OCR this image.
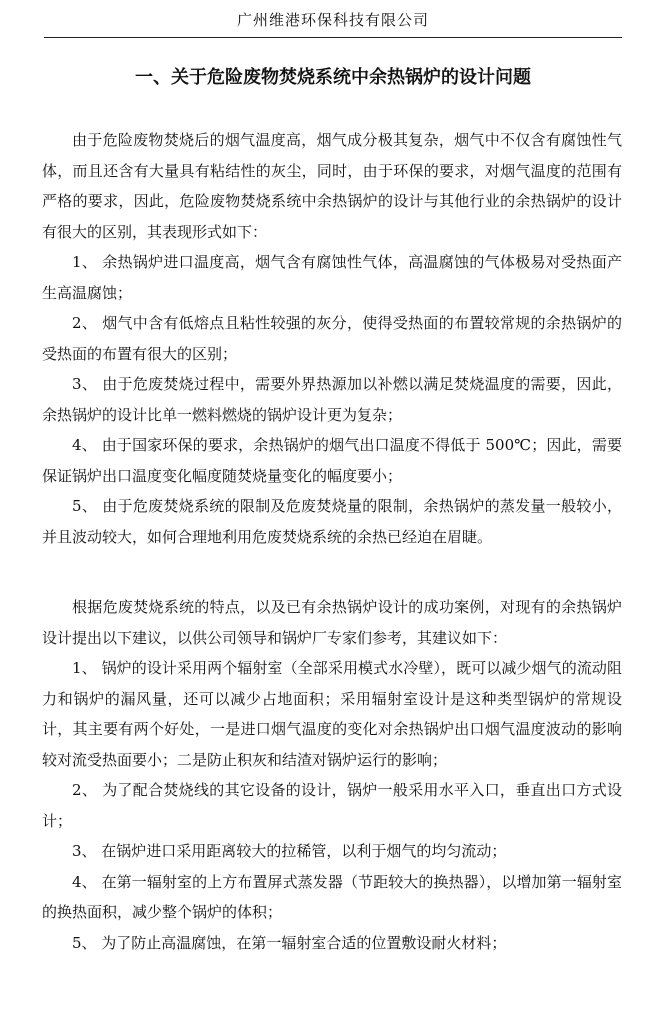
广州维港环保科技有限公司
一、关于危险废物焚烧系统中余热锅炉的设计问题

由于危险废物焚烧后的烟气温度高，烟气成分极其复杂，烟气中不仅含有腐蚀性气体，而且还含有大量具有粘结性的灰尘，同时，由于环保的要求，对烟气温度的范围有严格的要求，因此，危险废物焚烧系统中余热锅炉的设计与其他行业的余热锅炉的设计有很大的区别，其表现形式如下：

1、 余热锅炉进口温度高，烟气含有腐蚀性气体，高温腐蚀的气体极易对受热面产生高温腐蚀；

2、 烟气中含有低熔点且粘性较强的灰分，使得受热面的布置较常规的余热锅炉的受热面的布置有很大的区别；

3、 由于危废焚烧过程中，需要外界热源加以补燃以满足焚烧温度的需要，因此，余热锅炉的设计比单一燃料燃烧的锅炉设计更为复杂；

4、 由于国家环保的要求，余热锅炉的烟气出口温度不得低于 500℃；因此，需要保证锅炉出口温度变化幅度随焚烧量变化的幅度要小；

5、 由于危废焚烧系统的限制及危废焚烧量的限制，余热锅炉的蒸发量一般较小，并且波动较大，如何合理地利用危废焚烧系统的余热已经迫在眉睫。

根据危废焚烧系统的特点，以及已有余热锅炉设计的成功案例，对现有的余热锅炉设计提出以下建议，以供公司领导和锅炉厂专家们参考，其建议如下：

1、 锅炉的设计采用两个辐射室（全部采用模式水冷壁），既可以减少烟气的流动阻力和锅炉的漏风量，还可以减少占地面积；采用辐射室设计是这种类型锅炉的常规设计，其主要有两个好处，一是进口烟气温度的变化对余热锅炉出口烟气温度波动的影响较对流受热面要小；二是防止积灰和结渣对锅炉运行的影响；

2、 为了配合焚烧线的其它设备的设计，锅炉一般采用水平入口，垂直出口方式设计；

3、 在锅炉进口采用距离较大的拉稀管，以利于烟气的均匀流动；

4、 在第一辐射室的上方布置屏式蒸发器（节距较大的换热器），以增加第一辐射室的换热面积，减少整个锅炉的体积；

5、 为了防止高温腐蚀，在第一辐射室合适的位置敷设耐火材料；
